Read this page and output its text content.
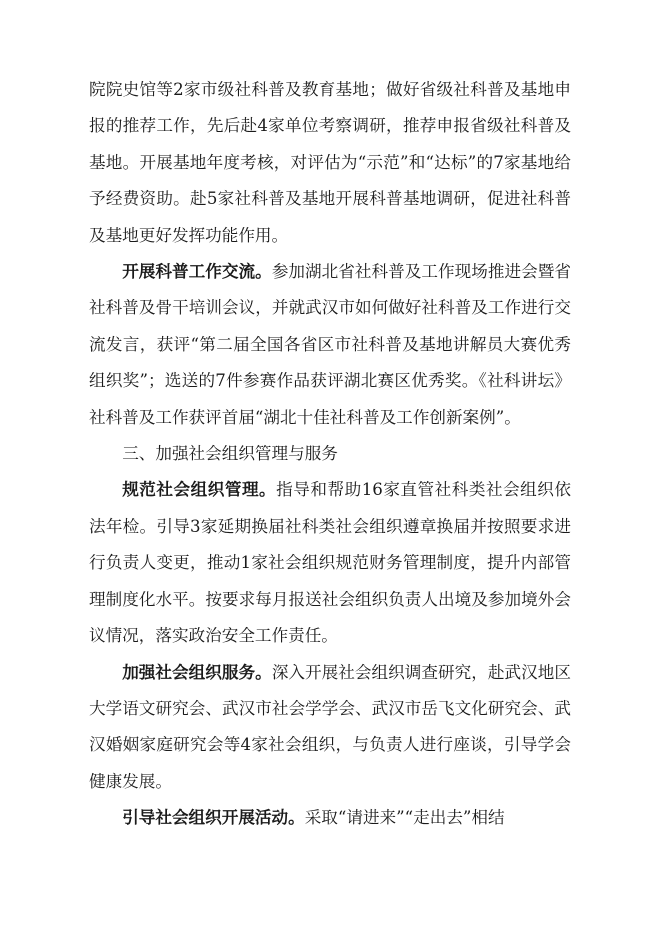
院院史馆等2家市级社科普及教育基地；做好省级社科普及基地申报的推荐工作，先后赴4家单位考察调研，推荐申报省级社科普及基地。开展基地年度考核，对评估为“示范”和“达标”的7家基地给予经费资助。赴5家社科普及基地开展科普基地调研，促进社科普及基地更好发挥功能作用。

开展科普工作交流。参加湖北省社科普及工作现场推进会暨省社科普及骨干培训会议，并就武汉市如何做好社科普及工作进行交流发言，获评“第二届全国各省区市社科普及基地讲解员大赛优秀组织奖”；选送的7件参赛作品获评湖北赛区优秀奖。《社科讲坛》社科普及工作获评首届“湖北十佳社科普及工作创新案例”。

三、加强社会组织管理与服务

规范社会组织管理。指导和帮助16家直管社科类社会组织依法年检。引导3家延期换届社科类社会组织遵章换届并按照要求进行负责人变更，推动1家社会组织规范财务管理制度，提升内部管理制度化水平。按要求每月报送社会组织负责人出境及参加境外会议情况，落实政治安全工作责任。

加强社会组织服务。深入开展社会组织调查研究，赴武汉地区大学语文研究会、武汉市社会学学会、武汉市岳飞文化研究会、武汉婚姻家庭研究会等4家社会组织，与负责人进行座谈，引导学会健康发展。

引导社会组织开展活动。采取“请进来”“走出去”相结
